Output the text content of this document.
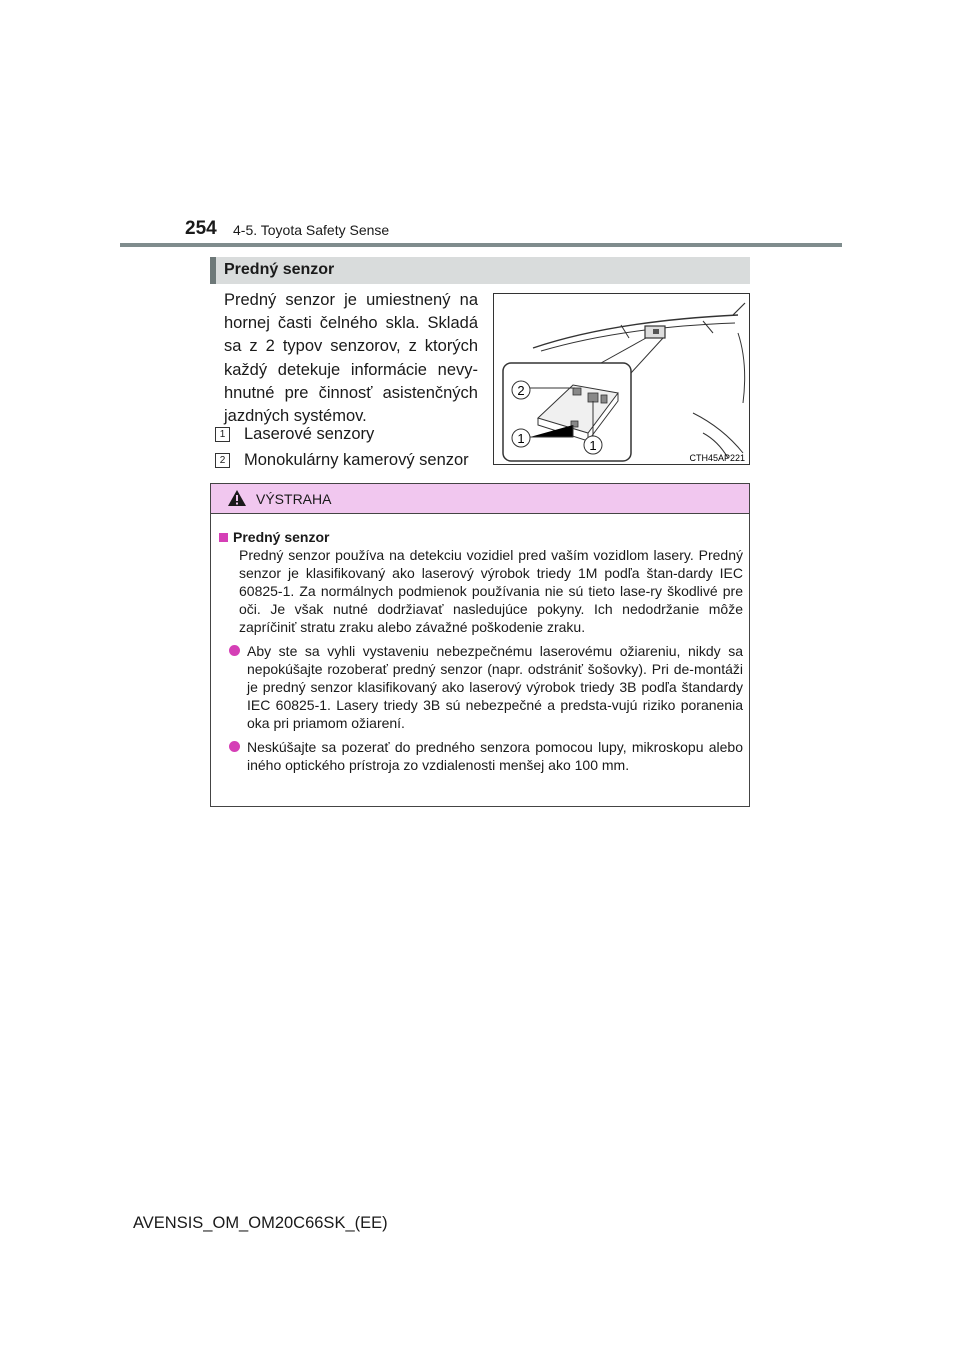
254 4-5. Toyota Safety Sense
Predný senzor
Predný senzor je umiestnený na hornej časti čelného skla. Skladá sa z 2 typov senzorov, z ktorých každý detekuje informácie nevy-hnutné pre činnosť asistenčných jazdných systémov.
1 Laserové senzory
2 Monokulárny kamerový senzor
2
1	1
CTH45AP221
VÝSTRAHA
Predný senzor
Predný senzor používa na detekciu vozidiel pred vaším vozidlom lasery. Predný senzor je klasifikovaný ako laserový výrobok triedy 1M podľa štan-dardy IEC 60825-1. Za normálnych podmienok používania nie sú tieto lase-ry škodlivé pre oči. Je však nutné dodržiavať nasledujúce pokyny. Ich nedodržanie môže zapríčiniť stratu zraku alebo závažné poškodenie zraku.
Aby ste sa vyhli vystaveniu nebezpečnému laserovému ožiareniu, nikdy sa nepokúšajte rozoberať predný senzor (napr. odstrániť šošovky). Pri de-montáži je predný senzor klasifikovaný ako laserový výrobok triedy 3B podľa štandardy IEC 60825-1. Lasery triedy 3B sú nebezpečné a predsta-vujú riziko poranenia oka pri priamom ožiarení.
Neskúšajte sa pozerať do predného senzora pomocou lupy, mikroskopu alebo iného optického prístroja zo vzdialenosti menšej ako 100 mm.
AVENSIS_OM_OM20C66SK_(EE)
